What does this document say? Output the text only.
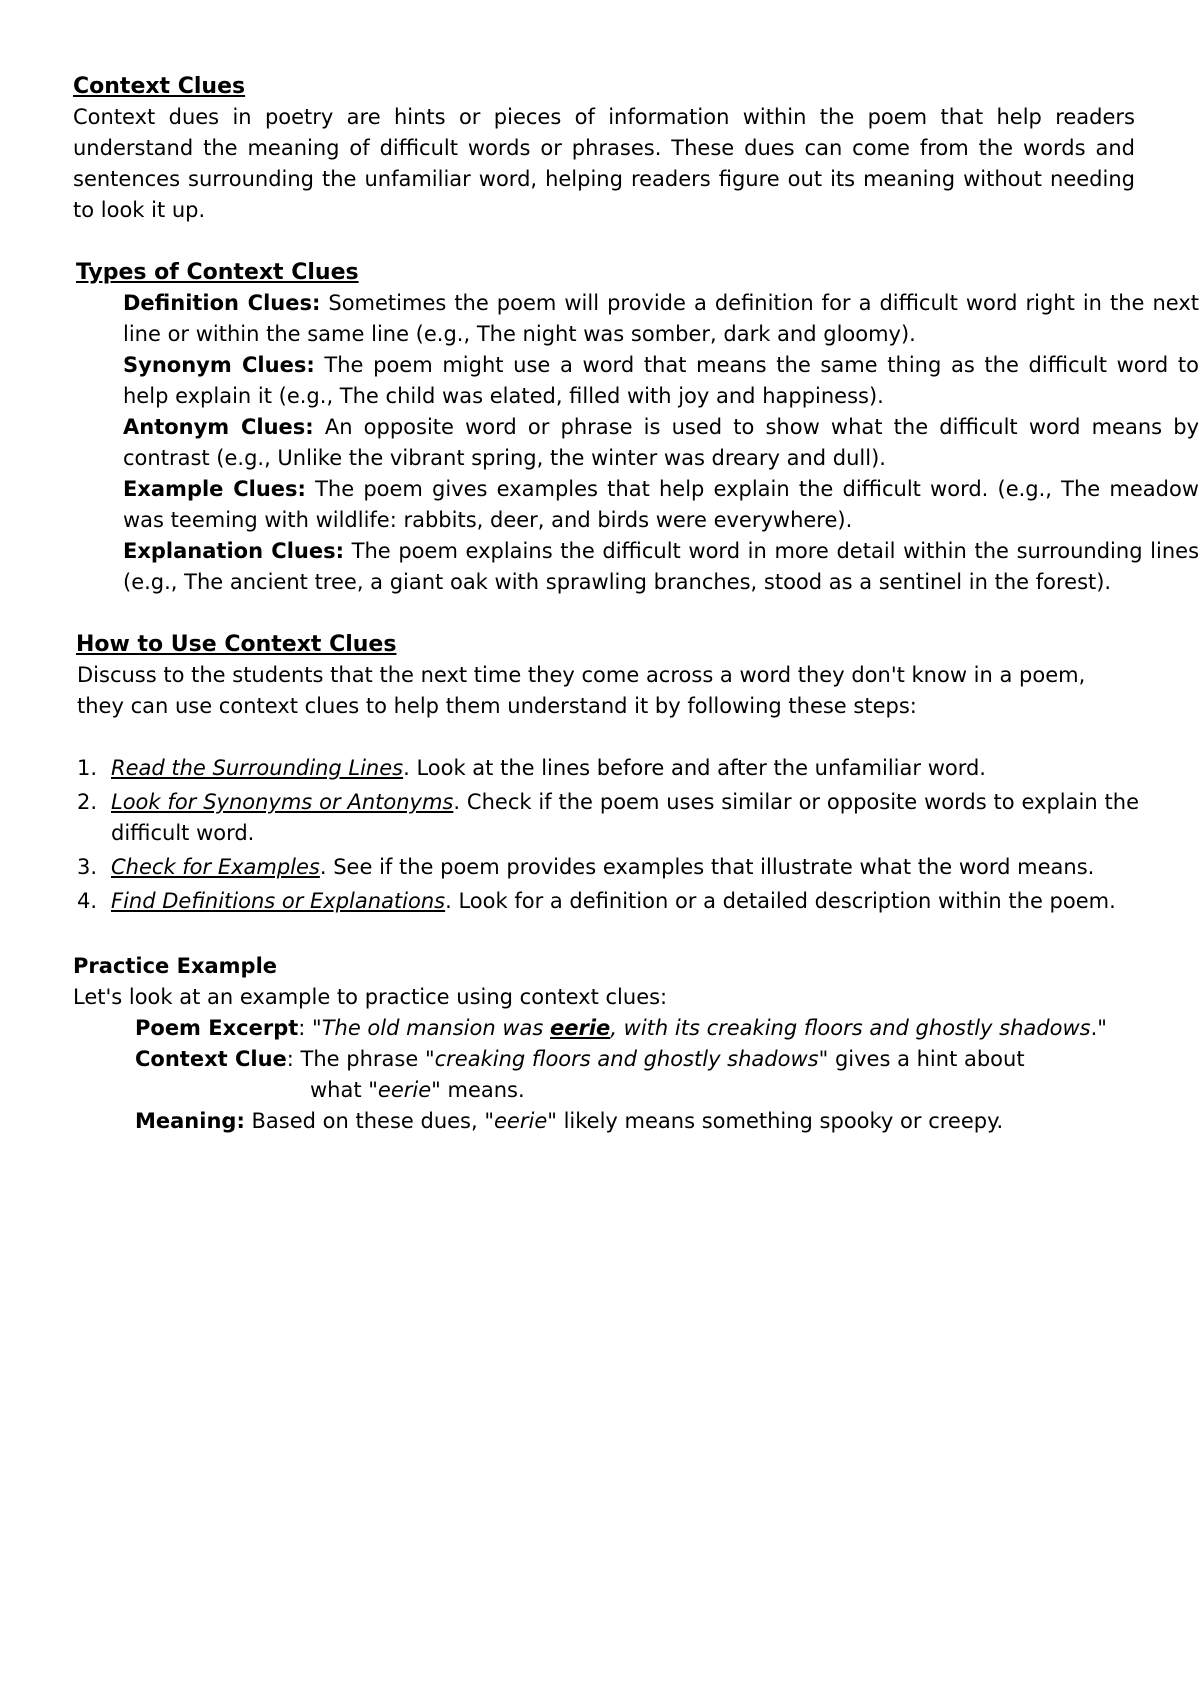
Context Clues

Context dues in poetry are hints or pieces of information within the poem that help readers understand the meaning of difficult words or phrases. These dues can come from the words and sentences surrounding the unfamiliar word, helping readers figure out its meaning without needing to look it up.

Types of Context Clues

Definition Clues: Sometimes the poem will provide a definition for a difficult word right in the next line or within the same line (e.g., The night was somber, dark and gloomy).

Synonym Clues: The poem might use a word that means the same thing as the difficult word to help explain it (e.g., The child was elated, filled with joy and happiness).

Antonym Clues: An opposite word or phrase is used to show what the difficult word means by contrast (e.g., Unlike the vibrant spring, the winter was dreary and dull).

Example Clues: The poem gives examples that help explain the difficult word. (e.g., The meadow was teeming with wildlife: rabbits, deer, and birds were everywhere).

Explanation Clues: The poem explains the difficult word in more detail within the surrounding lines (e.g., The ancient tree, a giant oak with sprawling branches, stood as a sentinel in the forest).

How to Use Context Clues

Discuss to the students that the next time they come across a word they don't know in a poem, they can use context clues to help them understand it by following these steps:

1. Read the Surrounding Lines. Look at the lines before and after the unfamiliar word.
2. Look for Synonyms or Antonyms. Check if the poem uses similar or opposite words to explain the difficult word.
3. Check for Examples. See if the poem provides examples that illustrate what the word means.
4. Find Definitions or Explanations. Look for a definition or a detailed description within the poem.

Practice Example

Let's look at an example to practice using context clues:

Poem Excerpt: "The old mansion was eerie, with its creaking floors and ghostly shadows."

Context Clue: The phrase "creaking floors and ghostly shadows" gives a hint about

what "eerie" means.

Meaning: Based on these dues, "eerie" likely means something spooky or creepy.
